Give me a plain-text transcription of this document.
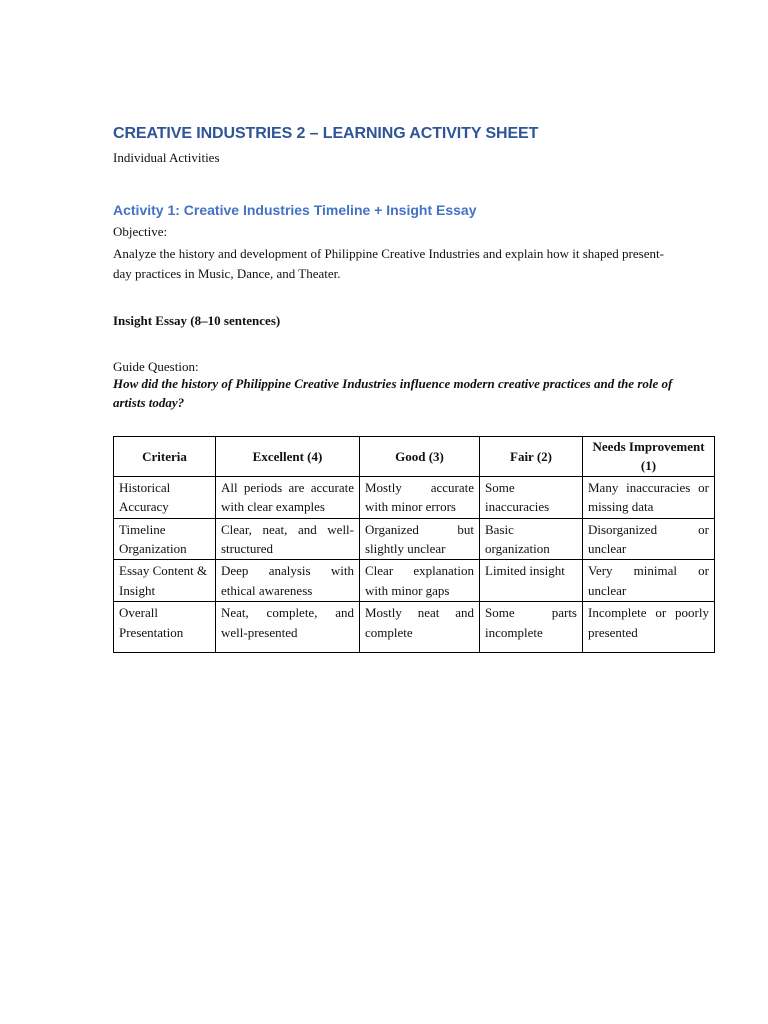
CREATIVE INDUSTRIES 2 – LEARNING ACTIVITY SHEET
Individual Activities
Activity 1: Creative Industries Timeline + Insight Essay
Objective:
Analyze the history and development of Philippine Creative Industries and explain how it shaped present-day practices in Music, Dance, and Theater.
Insight Essay (8–10 sentences)
Guide Question:
How did the history of Philippine Creative Industries influence modern creative practices and the role of artists today?
Criteria	Excellent (4)	Good (3)	Fair (2)	Needs Improvement (1)
Historical Accuracy	All periods are accurate with clear examples	Mostly accurate with minor errors	Some inaccuracies	Many inaccuracies or missing data
Timeline Organization	Clear, neat, and well-structured	Organized but slightly unclear	Basic organization	Disorganized or unclear
Essay Content & Insight	Deep analysis with ethical awareness	Clear explanation with minor gaps	Limited insight	Very minimal or unclear
Overall Presentation	Neat, complete, and well-presented	Mostly neat and complete	Some parts incomplete	Incomplete or poorly presented
